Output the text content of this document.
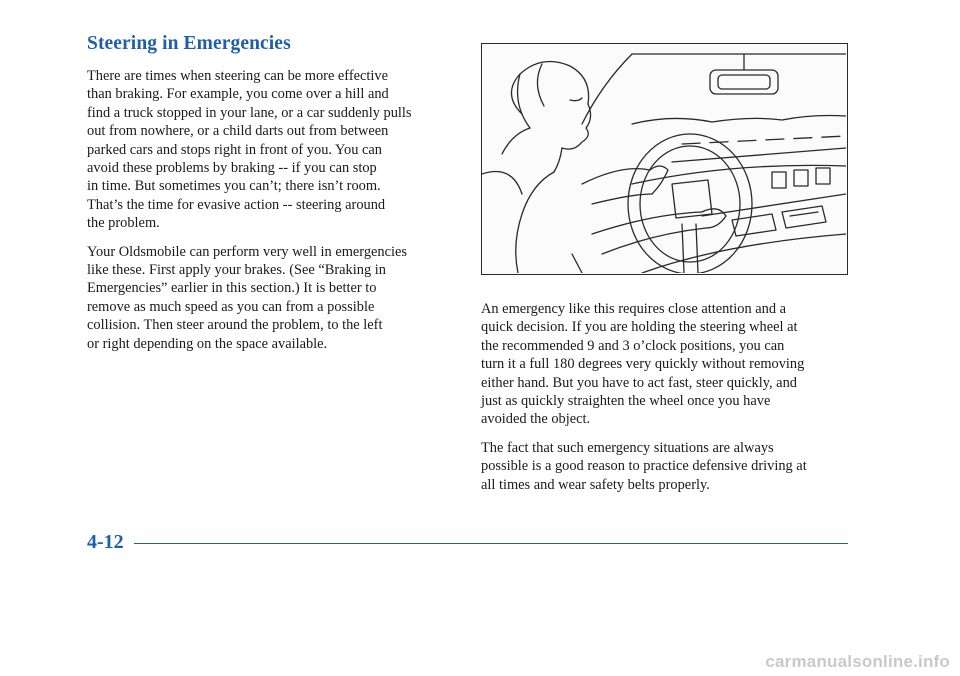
Steering in Emergencies

There are times when steering can be more effective
than braking. For example, you come over a hill and
find a truck stopped in your lane, or a car suddenly pulls
out from nowhere, or a child darts out from between
parked cars and stops right in front of you. You can
avoid these problems by braking -- if you can stop
in time. But sometimes you can’t; there isn’t room.
That’s the time for evasive action -- steering around
the problem.

Your Oldsmobile can perform very well in emergencies
like these. First apply your brakes. (See “Braking in
Emergencies” earlier in this section.) It is better to
remove as much speed as you can from a possible
collision. Then steer around the problem, to the left
or right depending on the space available.

An emergency like this requires close attention and a
quick decision. If you are holding the steering wheel at
the recommended 9 and 3 o’clock positions, you can
turn it a full 180 degrees very quickly without removing
either hand. But you have to act fast, steer quickly, and
just as quickly straighten the wheel once you have
avoided the object.

The fact that such emergency situations are always
possible is a good reason to practice defensive driving at
all times and wear safety belts properly.

4-12
carmanualsonline.info
